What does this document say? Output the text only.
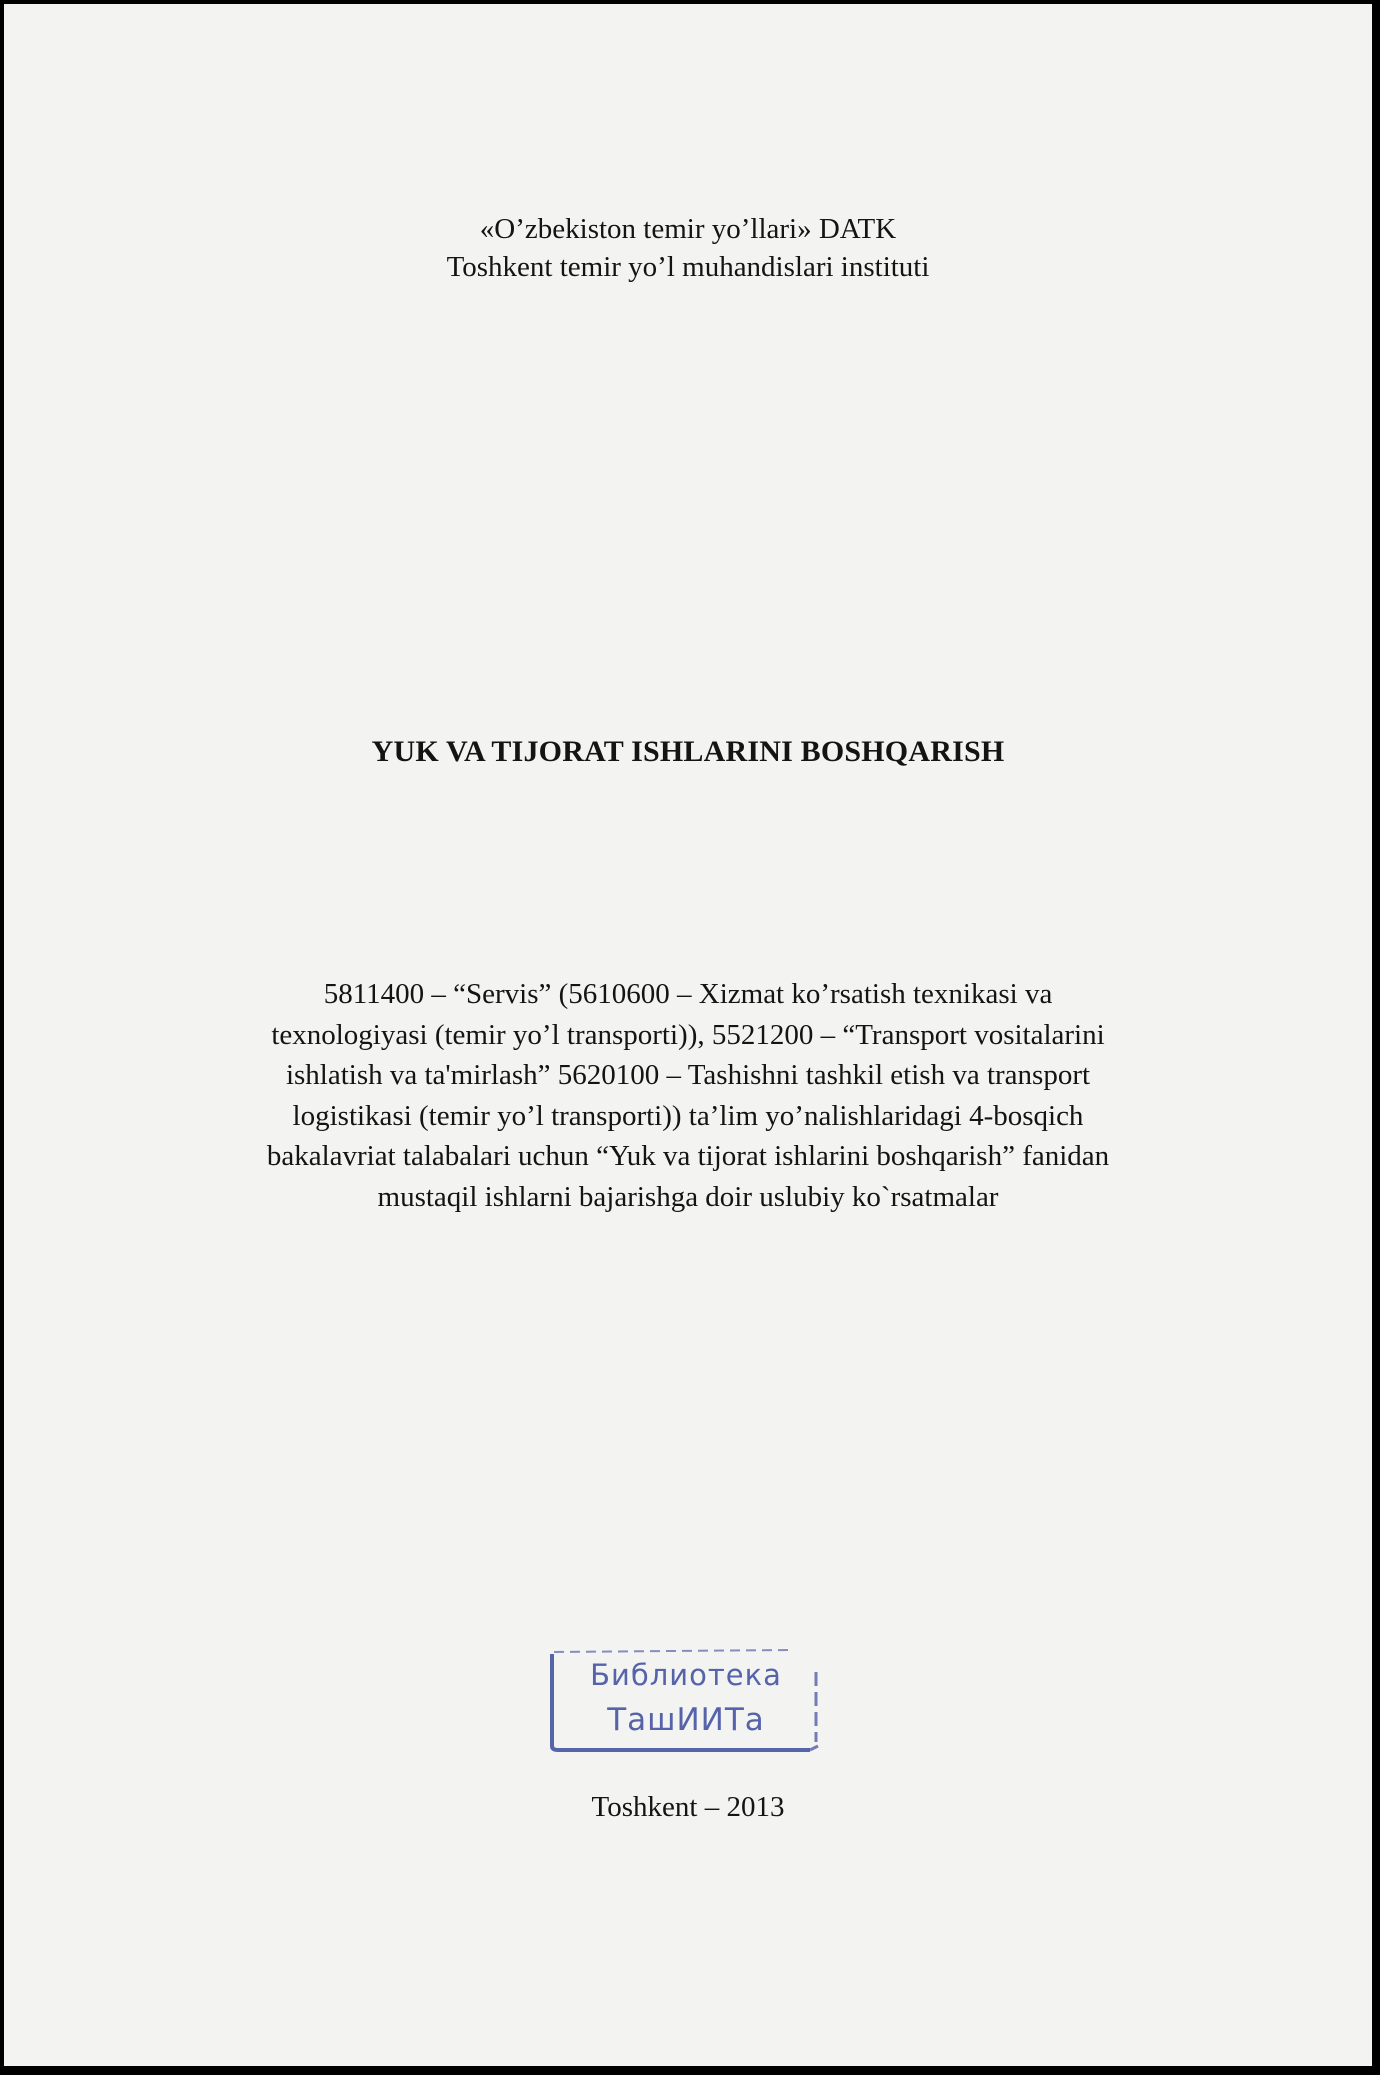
«O’zbekiston temir yo’llari» DATK
Toshkent temir yo’l muhandislari instituti
YUK VA TIJORAT ISHLARINI BOSHQARISH
5811400 – “Servis” (5610600 – Xizmat ko’rsatish texnikasi va
texnologiyasi (temir yo’l transporti)), 5521200 – “Transport vositalarini
ishlatish va ta'mirlash” 5620100 – Tashishni tashkil etish va transport
logistikasi (temir yo’l transporti)) ta’lim yo’nalishlaridagi 4-bosqich
bakalavriat talabalari uchun “Yuk va tijorat ishlarini boshqarish” fanidan
mustaqil ishlarni bajarishga doir uslubiy ko`rsatmalar
Библиотека
ТашИИТа
Toshkent – 2013
